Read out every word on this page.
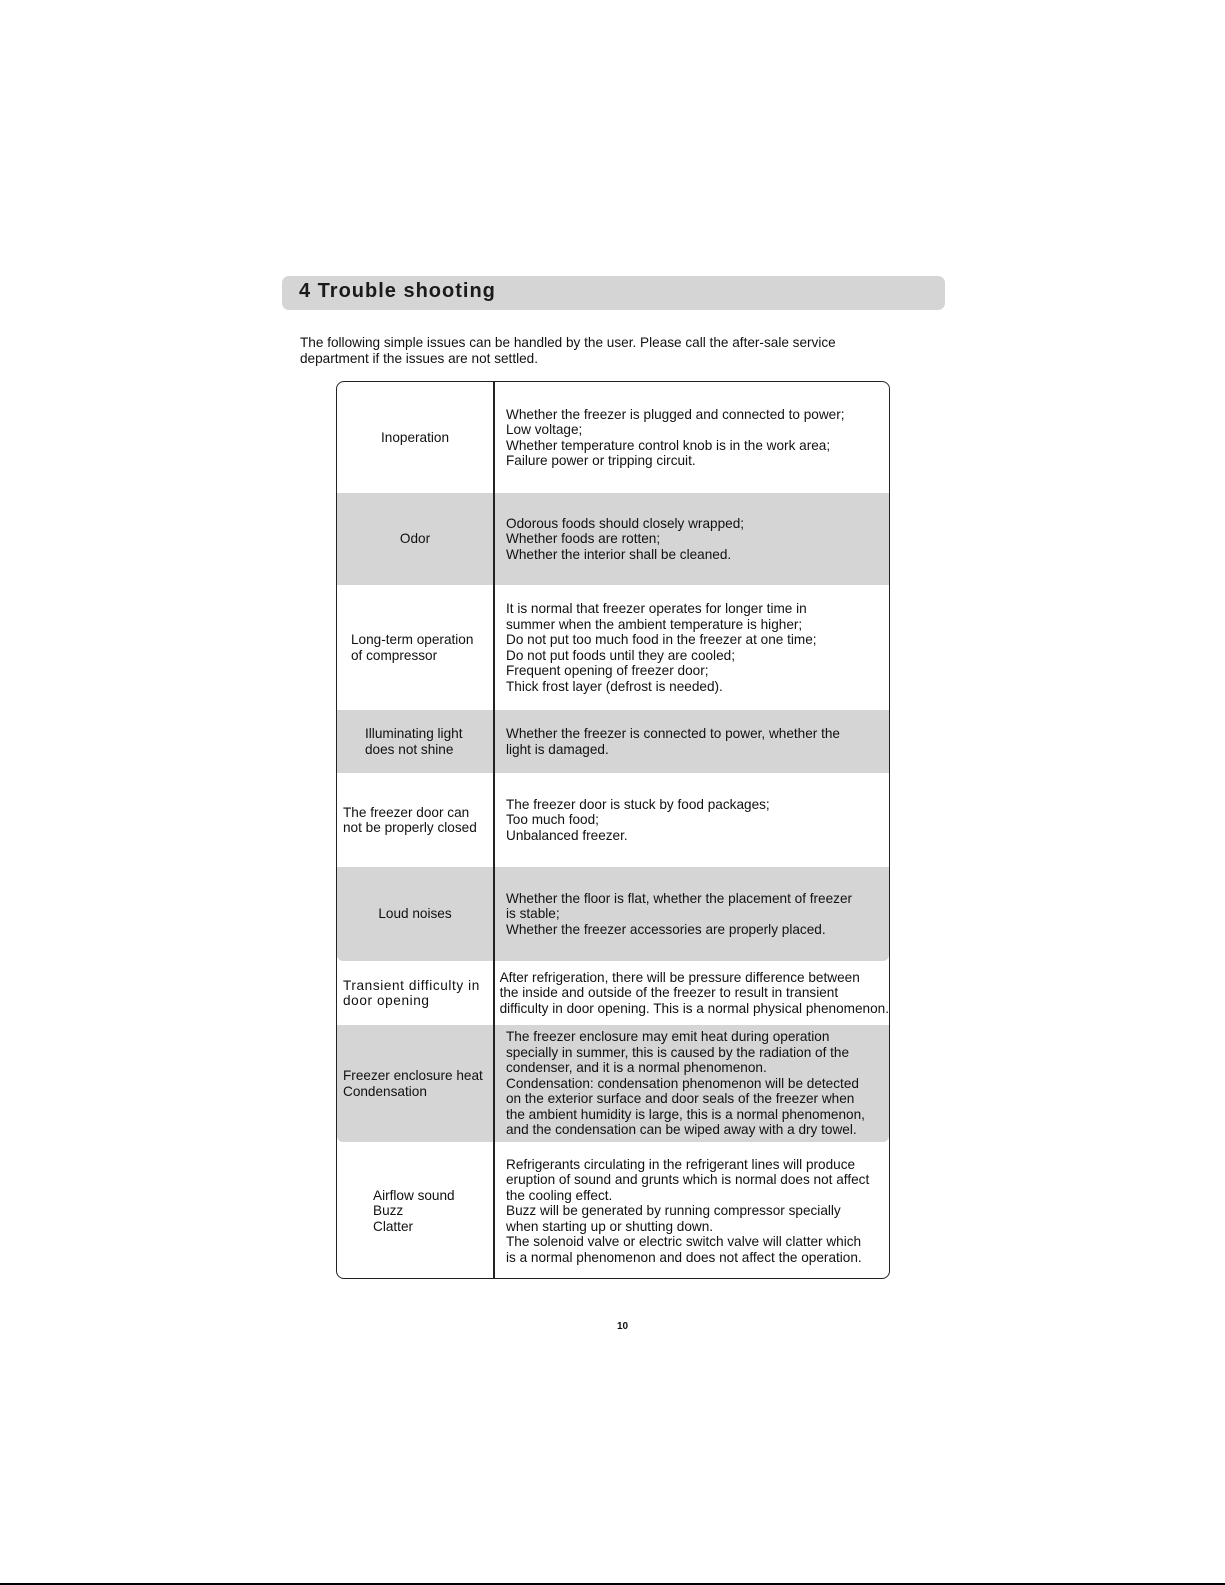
4 Trouble shooting

The following simple issues can be handled by the user. Please call the after-sale service

department if the issues are not settled.

Inoperation
Whether the freezer is plugged and connected to power;
Low voltage;
Whether temperature control knob is in the work area;
Failure power or tripping circuit.
Odor
Odorous foods should closely wrapped;
Whether foods are rotten;
Whether the interior shall be cleaned.
Long-term operation
of compressor
It is normal that freezer operates for longer time in
summer when the ambient temperature is higher;
Do not put too much food in the freezer at one time;
Do not put foods until they are cooled;
Frequent opening of freezer door;
Thick frost layer (defrost is needed).
Illuminating light
does not shine
Whether the freezer is connected to power, whether the
light is damaged.
The freezer door can
not be properly closed
The freezer door is stuck by food packages;
Too much food;
Unbalanced freezer.
Loud noises
Whether the floor is flat, whether the placement of freezer
is stable;
Whether the freezer accessories are properly placed.
Transient difficulty in
door opening
After refrigeration, there will be pressure difference between
the inside and outside of the freezer to result in transient
difficulty in door opening. This is a normal physical phenomenon.
Freezer enclosure heat
Condensation
The freezer enclosure may emit heat during operation
specially in summer, this is caused by the radiation of the
condenser, and it is a normal phenomenon.
Condensation: condensation phenomenon will be detected
on the exterior surface and door seals of the freezer when
the ambient humidity is large, this is a normal phenomenon,
and the condensation can be wiped away with a dry towel.
Airflow sound
Buzz
Clatter
Refrigerants circulating in the refrigerant lines will produce
eruption of sound and grunts which is normal does not affect
the cooling effect.
Buzz will be generated by running compressor specially
when starting up or shutting down.
The solenoid valve or electric switch valve will clatter which
is a normal phenomenon and does not affect the operation.
10
